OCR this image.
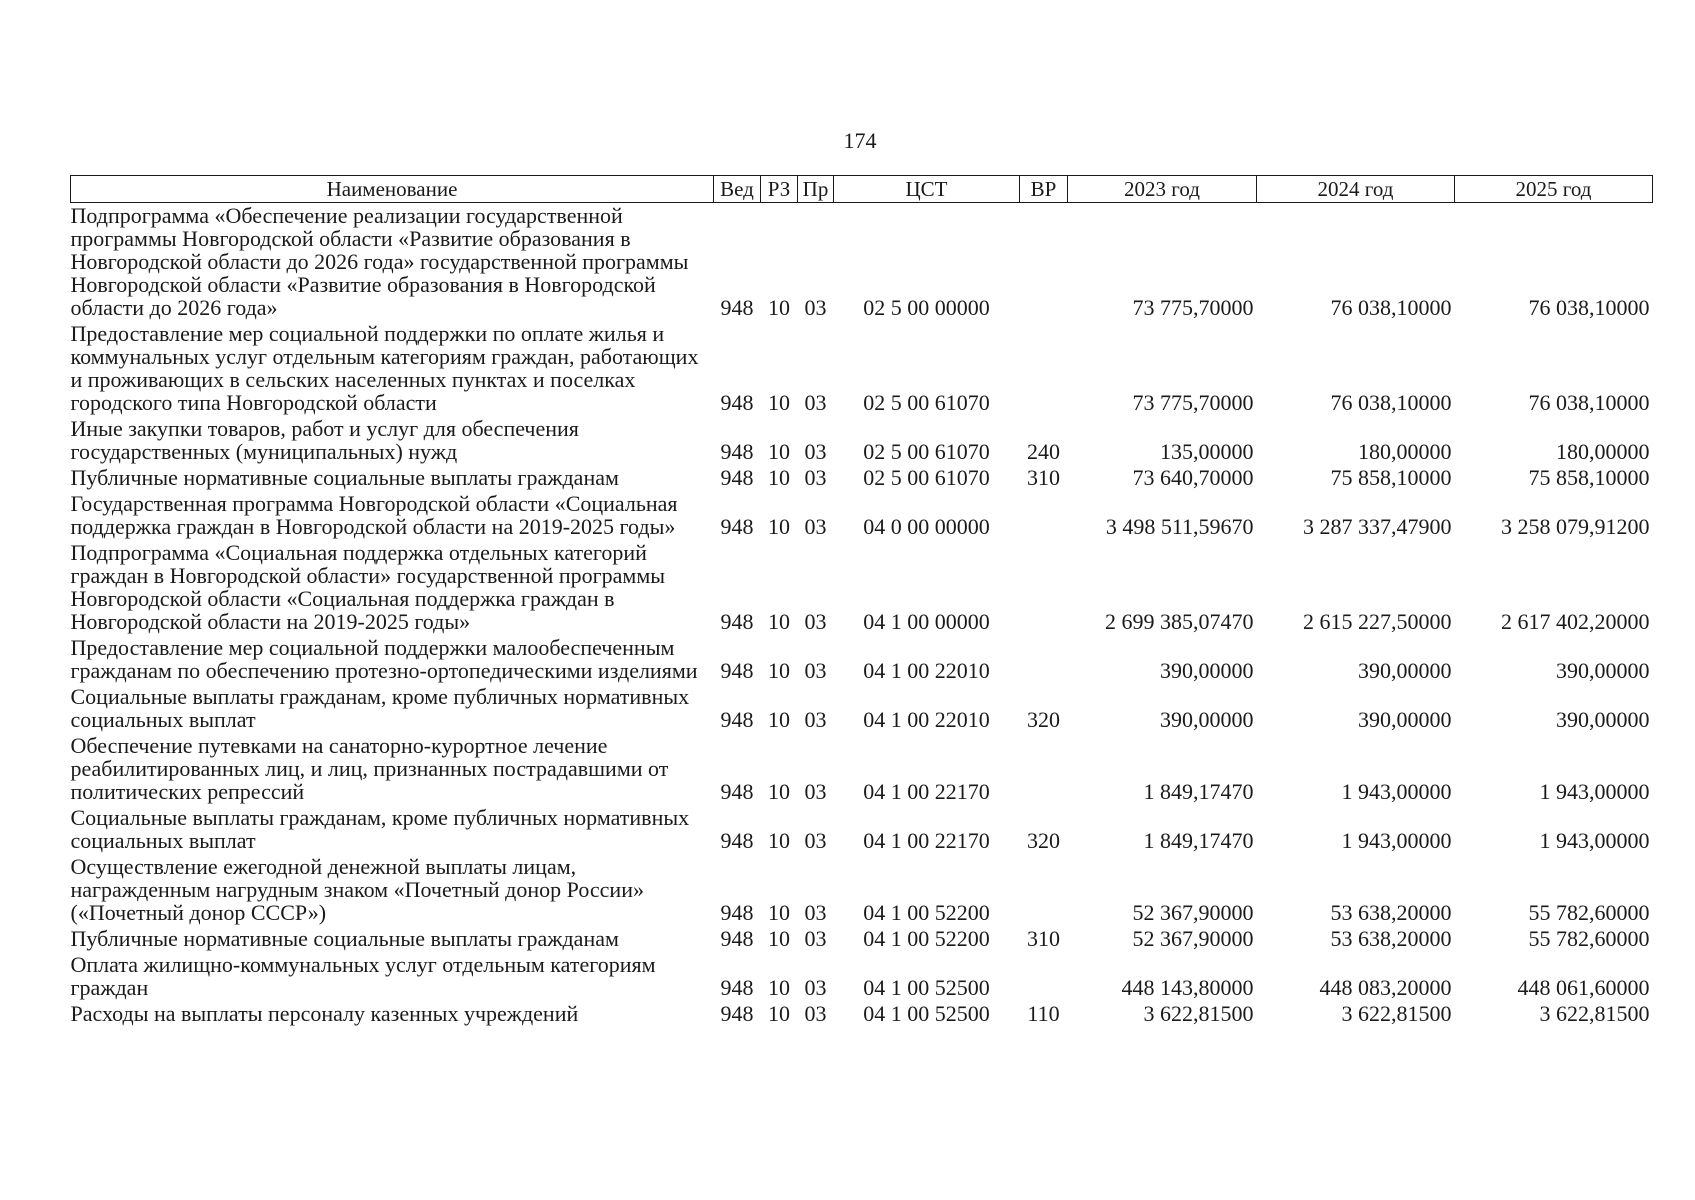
174
Наименование	Вед	РЗ	Пр	ЦСТ	ВР	2023 год	2024 год	2025 год
Подпрограмма «Обеспечение реализации государственной программы Новгородской области «Развитие образования в Новгородской области до 2026 года» государственной программы Новгородской области «Развитие образования в Новгородской области до 2026 года»	948	10	03	02 5 00 00000		73 775,70000	76 038,10000	76 038,10000
Предоставление мер социальной поддержки по оплате жилья и коммунальных услуг отдельным категориям граждан, работающих и проживающих в сельских населенных пунктах и поселках городского типа Новгородской области	948	10	03	02 5 00 61070		73 775,70000	76 038,10000	76 038,10000
Иные закупки товаров, работ и услуг для обеспечения государственных (муниципальных) нужд	948	10	03	02 5 00 61070	240	135,00000	180,00000	180,00000
Публичные нормативные социальные выплаты гражданам	948	10	03	02 5 00 61070	310	73 640,70000	75 858,10000	75 858,10000
Государственная программа Новгородской области «Социальная поддержка граждан в Новгородской области на 2019-2025 годы»	948	10	03	04 0 00 00000		3 498 511,59670	3 287 337,47900	3 258 079,91200
Подпрограмма «Социальная поддержка отдельных категорий граждан в Новгородской области» государственной программы Новгородской области «Социальная поддержка граждан в Новгородской области на 2019-2025 годы»	948	10	03	04 1 00 00000		2 699 385,07470	2 615 227,50000	2 617 402,20000
Предоставление мер социальной поддержки малообеспеченным гражданам по обеспечению протезно-ортопедическими изделиями	948	10	03	04 1 00 22010		390,00000	390,00000	390,00000
Социальные выплаты гражданам, кроме публичных нормативных социальных выплат	948	10	03	04 1 00 22010	320	390,00000	390,00000	390,00000
Обеспечение путевками на санаторно-курортное лечение реабилитированных лиц, и лиц, признанных пострадавшими от политических репрессий	948	10	03	04 1 00 22170		1 849,17470	1 943,00000	1 943,00000
Социальные выплаты гражданам, кроме публичных нормативных социальных выплат	948	10	03	04 1 00 22170	320	1 849,17470	1 943,00000	1 943,00000
Осуществление ежегодной денежной выплаты лицам, награжденным нагрудным знаком «Почетный донор России» («Почетный донор СССР»)	948	10	03	04 1 00 52200		52 367,90000	53 638,20000	55 782,60000
Публичные нормативные социальные выплаты гражданам	948	10	03	04 1 00 52200	310	52 367,90000	53 638,20000	55 782,60000
Оплата жилищно-коммунальных услуг отдельным категориям граждан	948	10	03	04 1 00 52500		448 143,80000	448 083,20000	448 061,60000
Расходы на выплаты персоналу казенных учреждений	948	10	03	04 1 00 52500	110	3 622,81500	3 622,81500	3 622,81500
